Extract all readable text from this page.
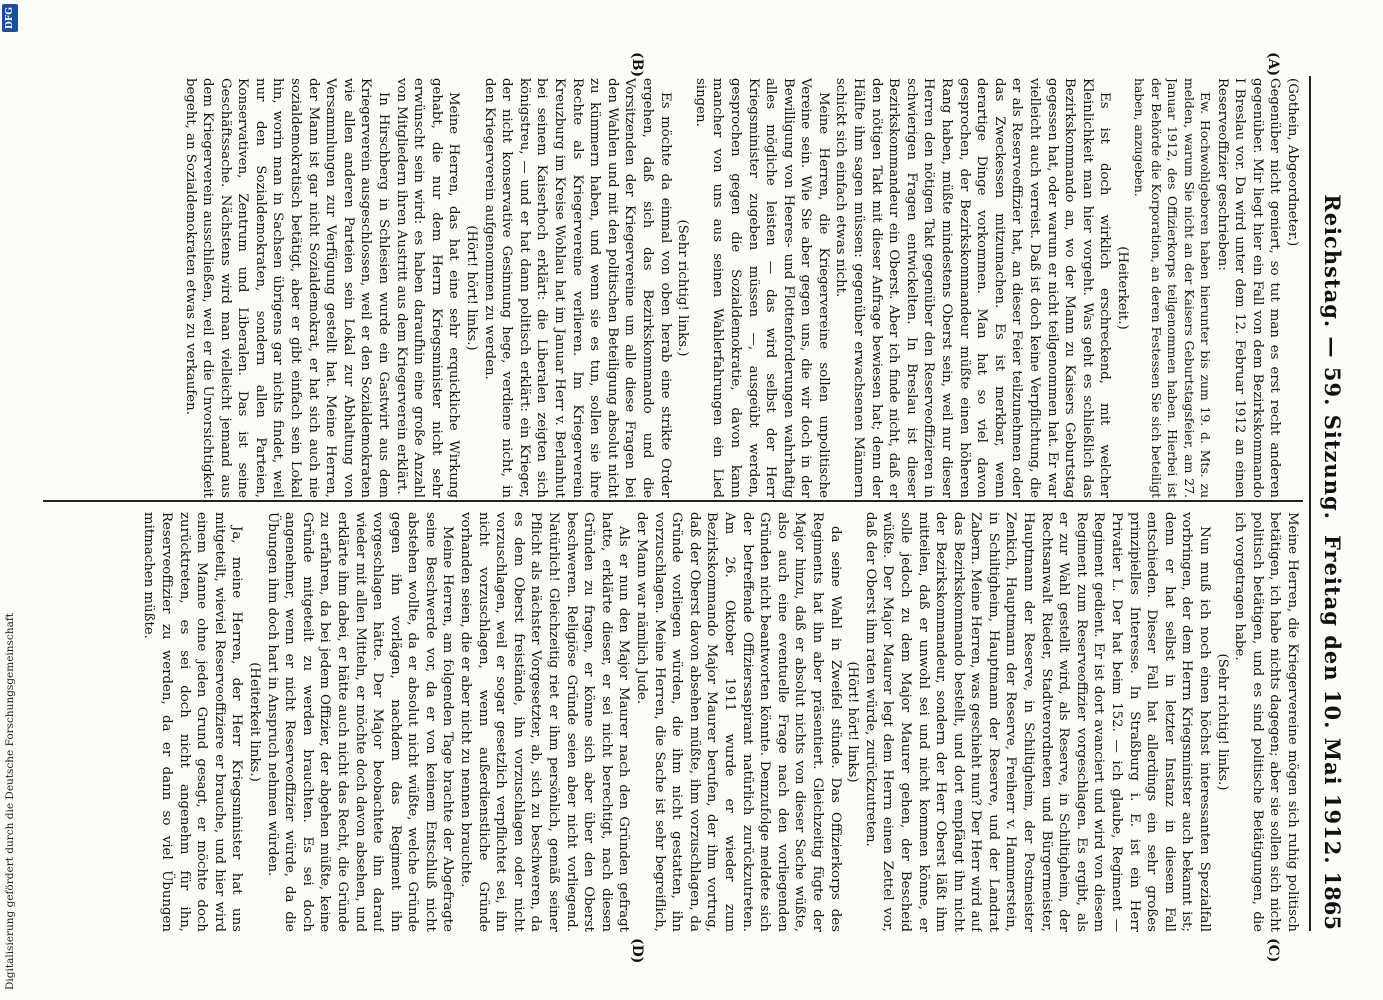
Reichstag. — 59. Sitzung.
Freitag den 10. Mai 1912.
1865
(A)
(B)
(C)
(D)

(Gothein, Abgeordneter.)

Gegenüber nicht geniert, so tut man es erst recht anderen gegenüber. Mir liegt hier ein Fall von dem Bezirkskommando I Breslau vor. Da wird unter dem 12. Februar 1912 an einen Reserveoffizier geschrieben:

Ew. Hochwohlgeboren haben hierunter bis zum 19. d. Mts. zu melden, warum Sie nicht an der Kaisers Geburtstagsfeier, am 27. Januar 1912, des Offizierkorps teilgenommen haben. Hierbei ist der Behörde die Korporation, an deren Festessen Sie sich beteiligt haben, anzugeben.

(Heiterkeit.)

Es ist doch wirklich erschreckend, mit welcher Kleinlichkeit man hier vorgeht. Was geht es schließlich das Bezirkskommando an, wo der Mann zu Kaisers Geburtstag gegessen hat, oder warum er nicht teilgenommen hat. Er war vielleicht auch verreist. Daß ist doch keine Verpflichtung, die er als Reserveoffizier hat, an dieser Feier teilzunehmen oder das Zweckessen mitzumachen. Es ist merkbar, wenn derartige Dinge vorkommen. Man hat so viel davon gesprochen, der Bezirkskommandeur müßte einen höheren Rang haben, müßte mindestens Oberst sein, weil nur dieser Herren den nötigen Takt gegenüber den Reserveoffizieren in schwierigen Fragen entwickelten. In Breslau ist dieser Bezirkskommandeur ein Oberst. Aber ich finde nicht, daß er den nötigen Takt mit dieser Anfrage bewiesen hat; denn der Hälfte ihm sagen müssen: gegenüber erwachsenen Männern schickt sich einfach etwas nicht.

Meine Herren, die Kriegervereine sollen unpolitische Vereine sein. Wie Sie aber gegen uns, die wir doch in der Bewilligung von Heeres- und Flottenforderungen wahrhaftig alles mögliche leisten — das wird selbst der Herr Kriegsminister zugeben müssen —, ausgeübt werden, gesprochen gegen die Sozialdemokratie, davon kann mancher von uns aus seinen Wahlerfahrungen ein Lied singen.

(Sehr richtig! links.)

Es möchte da einmal von oben herab eine strikte Order ergehen, daß sich das Bezirkskommando und die Vorsitzenden der Kriegervereine um alle diese Fragen bei den Wahlen und mit den politischen Beteiligung absolut nicht zu kümmern haben, und wenn sie es tun, sollen sie ihre Rechte als Kriegervereine verlieren. Im Kriegerverein Kreuzburg im Kreise Wohlau hat im Januar Herr v. Berlanhut bei seinem Kaiserhoch erklärt: die Liberalen zeigten sich königstreu, — und er hat dann politisch erklärt: ein Krieger, der nicht konservative Gesinnung hege, verdiene nicht, in den Kriegerverein aufgenommen zu werden.

(Hört! hört! links.)

Meine Herren, das hat eine sehr erquickliche Wirkung gehabt, die nur dem Herrn Kriegsminister nicht sehr erwünscht sein wird: es haben daraufhin eine große Anzahl von Mitgliedern ihren Austritt aus dem Kriegerverein erklärt.

In Hirschberg in Schlesien wurde ein Gastwirt aus dem Kriegerverein ausgeschlossen, weil er den Sozialdemokraten wie allen anderen Parteien sein Lokal zur Abhaltung von Versammlungen zur Verfügung gestellt hat. Meine Herren, der Mann ist gar nicht Sozialdemokrat, er hat sich auch nie sozialdemokratisch betätigt, aber er gibt einfach sein Lokal hin, worin man in Sachsen übrigens gar nichts findet, weil nur den Sozialdemokraten, sondern allen Parteien, Konservativen, Zentrum und Liberalen. Das ist seine Geschäftssache. Nächstens wird man vielleicht jemand aus dem Kriegerverein ausschließen, weil er die Unvorsichtigkeit begeht, an Sozialdemokraten etwas zu verkaufen.

Meine Herren, die Kriegervereine mögen sich ruhig politisch betätigen, ich habe nichts dagegen; aber sie sollen sich nicht politisch betätigen, und es sind politische Betätigungen, die ich vorgetragen habe.

(Sehr richtig! links.)

Nun muß ich noch einen höchst interessanten Spezialfall vorbringen, der dem Herrn Kriegsminister auch bekannt ist; denn er hat selbst in letzter Instanz in diesem Fall entschieden. Dieser Fall hat allerdings ein sehr großes prinzipielles Interesse. In Straßburg i. E. ist ein Herr Privatier L. Der hat beim 152. — ich glaube, Regiment — Regiment gedient. Er ist dort avanciert und wird von diesem Regiment zum Reserveoffizier vorgeschlagen. Es ergibt, als er zur Wahl gestellt wird, als Reserve, in Schiltigheim, der Rechtsanwalt Rieder, Stadtverordneten und Bürgermeister, Hauptmann der Reserve, in Schiltigheim, der Postmeister Zenkich, Hauptmann der Reserve, Freiherr v. Hammerstein, in Schiltigheim, Hauptmann der Reserve, und der Landrat Zabern. Meine Herren, was geschieht nun? Der Herr wird auf das Bezirkskommando bestellt, und dort empfängt ihn nicht der Bezirkskommandeur, sondern der Herr Oberst läßt ihm mitteilen, daß er unwohl sei und nicht kommen könne, er solle jedoch zu dem Major Maurer gehen, der Bescheid wüßte. Der Major Maurer legt dem Herrn einen Zettel vor, daß der Oberst ihm raten würde, zurückzutreten.

(Hört! hört! links)

da seine Wahl in Zweifel stünde. Das Offizierkorps des Regiments hat ihn aber präsentiert. Gleichzeitig fügte der Major hinzu, daß er absolut nichts von dieser Sache wüßte, also auch eine eventuelle Frage nach den vorliegenden Gründen nicht beantworten könnte. Demzufolge meldete sich der betreffende Offiziersaspirant natürlich zurückzutreten. Am 26. Oktober 1911 wurde er wieder zum Bezirkskommando Major Maurer berufen, der ihm vortrug, daß der Oberst davon absehen müßte, ihm vorzuschlagen, da Gründe vorliegen würden, die ihm nicht gestatten, ihn vorzuschlagen. Meine Herren, die Sache ist sehr begreiflich, der Mann war nämlich Jude.

Als er nun den Major Maurer nach den Gründen gefragt hatte, erklärte dieser, er sei nicht berechtigt, nach diesen Gründen zu fragen, er könne sich aber über den Oberst beschweren. Religiöse Gründe seien aber nicht vorliegend. Natürlich! Gleichzeitig riet er ihm persönlich, gemäß seiner Pflicht als nächster Vorgesetzter, ab, sich zu beschweren, da es dem Oberst freistände, ihn vorzuschlagen oder nicht vorzuschlagen, weil er sogar gesetzlich verpflichtet sei, ihn nicht vorzuschlagen, wenn außerdienstliche Gründe vorhanden seien, die er aber nicht zu nennen brauchte.

Meine Herren, am folgenden Tage brachte der Abgefragte seine Beschwerde vor, da er von keinem Entschluß nicht abstehen wollte, da er absolut nicht wüßte, welche Gründe gegen ihn vorlägen, nachdem das Regiment ihn vorgeschlagen hätte. Der Major beobachtete ihn darauf wieder mit allen Mitteln, er möchte doch davon absehen, und erklärte ihm dabei, er hätte auch nicht das Recht, die Gründe zu erfahren, da bei jedem Offizier, der abgehen müßte, keine Gründe mitgeteilt zu werden brauchten. Es sei doch angenehmer, wenn er nicht Reserveoffizier würde, da die Übungen ihm doch hart in Anspruch nehmen würden.

(Heiterkeit links.)

Ja, meine Herren, der Herr Kriegsminister hat uns mitgeteilt, wieviel Reserveoffiziere er brauche, und hier wird einem Manne ohne jeden Grund gesagt, er möchte doch zurücktreten, es sei doch nicht angenehm für ihn, Reserveoffizier zu werden, da er dann so viel Übungen mitmachen müßte.

Digitalisierung gefördert durch die Deutsche Forschungsgemeinschaft
DFG
